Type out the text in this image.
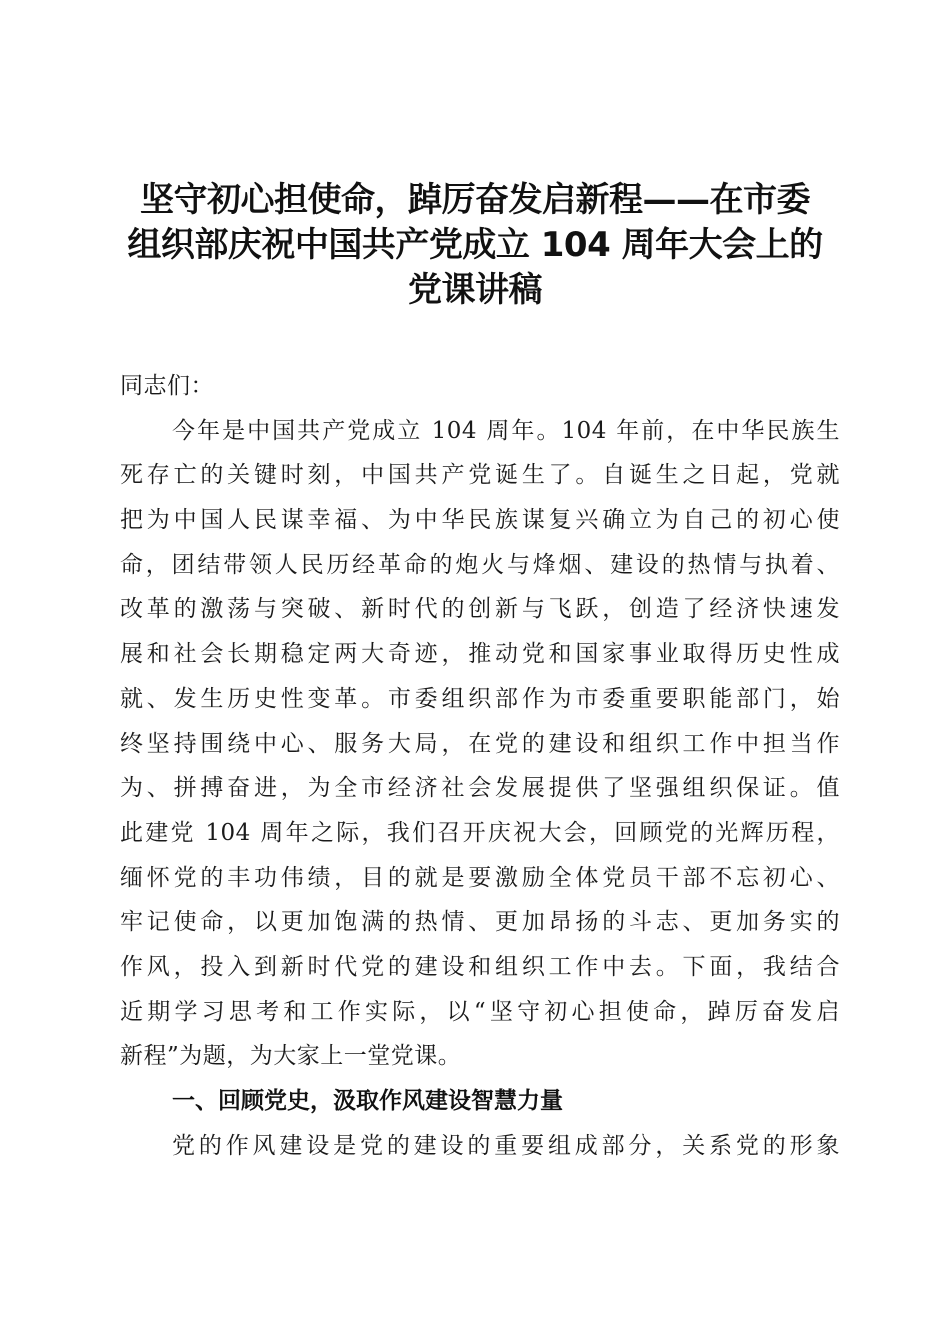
坚守初心担使命，踔厉奋发启新程——在市委
组织部庆祝中国共产党成立 104 周年大会上的
党课讲稿
同志们：
今年是中国共产党成立 104 周年。104 年前，在中华民族生
死存亡的关键时刻，中国共产党诞生了。自诞生之日起，党就
把为中国人民谋幸福、为中华民族谋复兴确立为自己的初心使
命，团结带领人民历经革命的炮火与烽烟、建设的热情与执着、
改革的激荡与突破、新时代的创新与飞跃，创造了经济快速发
展和社会长期稳定两大奇迹，推动党和国家事业取得历史性成
就、发生历史性变革。市委组织部作为市委重要职能部门，始
终坚持围绕中心、服务大局，在党的建设和组织工作中担当作
为、拼搏奋进，为全市经济社会发展提供了坚强组织保证。值
此建党 104 周年之际，我们召开庆祝大会，回顾党的光辉历程，
缅怀党的丰功伟绩，目的就是要激励全体党员干部不忘初心、
牢记使命，以更加饱满的热情、更加昂扬的斗志、更加务实的
作风，投入到新时代党的建设和组织工作中去。下面，我结合
近期学习思考和工作实际，以“坚守初心担使命，踔厉奋发启
新程”为题，为大家上一堂党课。
一、回顾党史，汲取作风建设智慧力量
党的作风建设是党的建设的重要组成部分，关系党的形象
